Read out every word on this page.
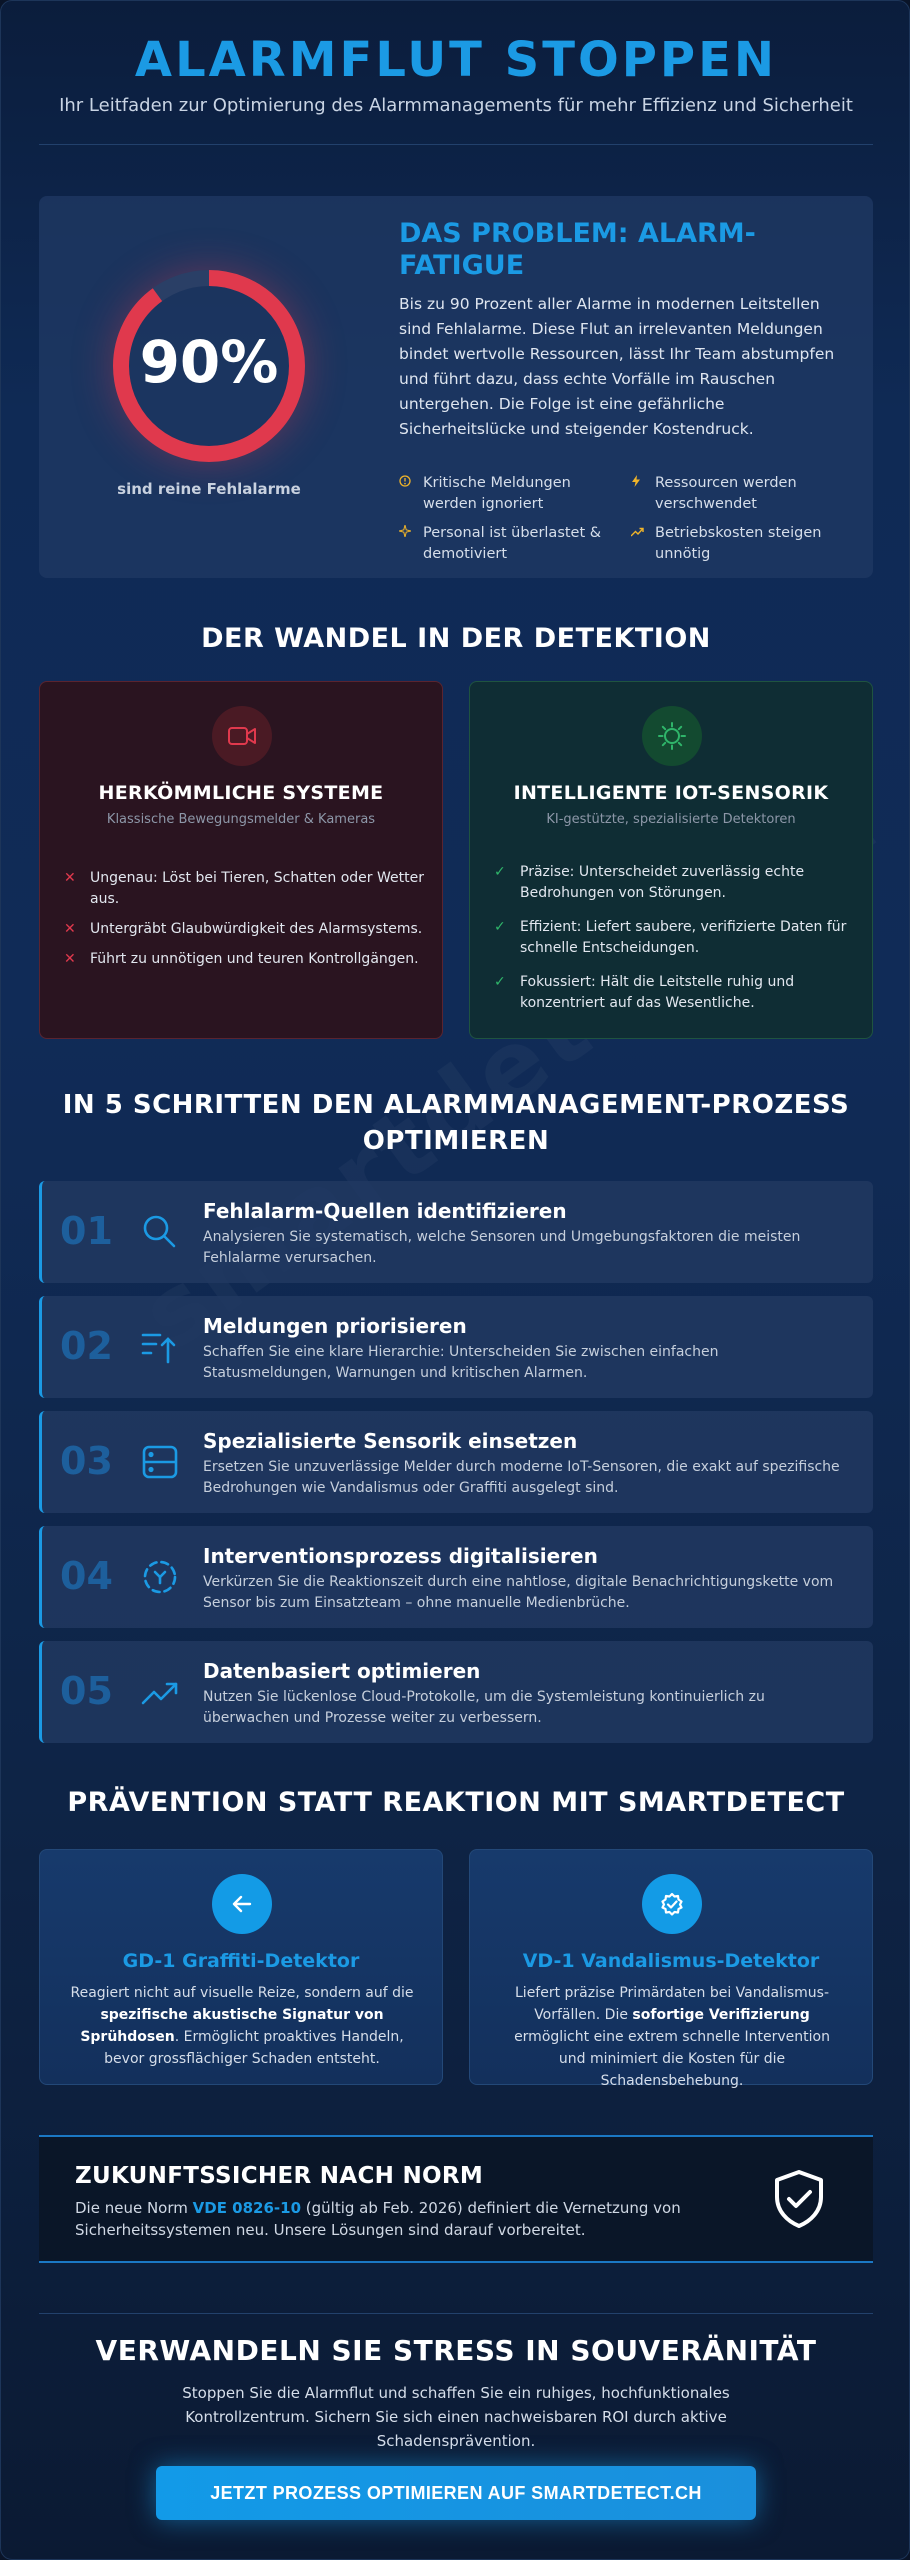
ALARMFLUT STOPPEN
Ihr Leitfaden zur Optimierung des Alarmmanagements für mehr Effizienz und Sicherheit
90%
sind reine Fehlalarme
DAS PROBLEM: ALARM-FATIGUE
Bis zu 90 Prozent aller Alarme in modernen Leitstellen sind Fehlalarme. Diese Flut an irrelevanten Meldungen bindet wertvolle Ressourcen, lässt Ihr Team abstumpfen und führt dazu, dass echte Vorfälle im Rauschen untergehen. Die Folge ist eine gefährliche Sicherheitslücke und steigender Kostendruck.
Kritische Meldungen werden ignoriert
Ressourcen werden verschwendet
Personal ist überlastet & demotiviert
Betriebskosten steigen unnötig
DER WANDEL IN DER DETEKTION
HERKÖMMLICHE SYSTEME
Klassische Bewegungsmelder & Kameras
✕ Ungenau: Löst bei Tieren, Schatten oder Wetter aus.
✕ Untergräbt Glaubwürdigkeit des Alarmsystems.
✕ Führt zu unnötigen und teuren Kontrollgängen.
INTELLIGENTE IOT-SENSORIK
KI-gestützte, spezialisierte Detektoren
✓ Präzise: Unterscheidet zuverlässig echte Bedrohungen von Störungen.
✓ Effizient: Liefert saubere, verifizierte Daten für schnelle Entscheidungen.
✓ Fokussiert: Hält die Leitstelle ruhig und konzentriert auf das Wesentliche.
IN 5 SCHRITTEN DEN ALARMMANAGEMENT-PROZESS OPTIMIEREN
01	Fehlalarm-Quellen identifizieren
Analysieren Sie systematisch, welche Sensoren und Umgebungsfaktoren die meisten Fehlalarme verursachen.
02	Meldungen priorisieren
Schaffen Sie eine klare Hierarchie: Unterscheiden Sie zwischen einfachen Statusmeldungen, Warnungen und kritischen Alarmen.
03	Spezialisierte Sensorik einsetzen
Ersetzen Sie unzuverlässige Melder durch moderne IoT-Sensoren, die exakt auf spezifische Bedrohungen wie Vandalismus oder Graffiti ausgelegt sind.
04	Interventionsprozess digitalisieren
Verkürzen Sie die Reaktionszeit durch eine nahtlose, digitale Benachrichtigungskette vom Sensor bis zum Einsatzteam – ohne manuelle Medienbrüche.
05	Datenbasiert optimieren
Nutzen Sie lückenlose Cloud-Protokolle, um die Systemleistung kontinuierlich zu überwachen und Prozesse weiter zu verbessern.
PRÄVENTION STATT REAKTION MIT SMARTDETECT
GD-1 Graffiti-Detektor
Reagiert nicht auf visuelle Reize, sondern auf die spezifische akustische Signatur von Sprühdosen. Ermöglicht proaktives Handeln, bevor grossflächiger Schaden entsteht.
VD-1 Vandalismus-Detektor
Liefert präzise Primärdaten bei Vandalismus-Vorfällen. Die sofortige Verifizierung ermöglicht eine extrem schnelle Intervention und minimiert die Kosten für die Schadensbehebung.
ZUKUNFTSSICHER NACH NORM
Die neue Norm VDE 0826-10 (gültig ab Feb. 2026) definiert die Vernetzung von Sicherheitssystemen neu. Unsere Lösungen sind darauf vorbereitet.
VERWANDELN SIE STRESS IN SOUVERÄNITÄT
Stoppen Sie die Alarmflut und schaffen Sie ein ruhiges, hochfunktionales Kontrollzentrum. Sichern Sie sich einen nachweisbaren ROI durch aktive Schadensprävention.
JETZT PROZESS OPTIMIEREN AUF SMARTDETECT.CH
